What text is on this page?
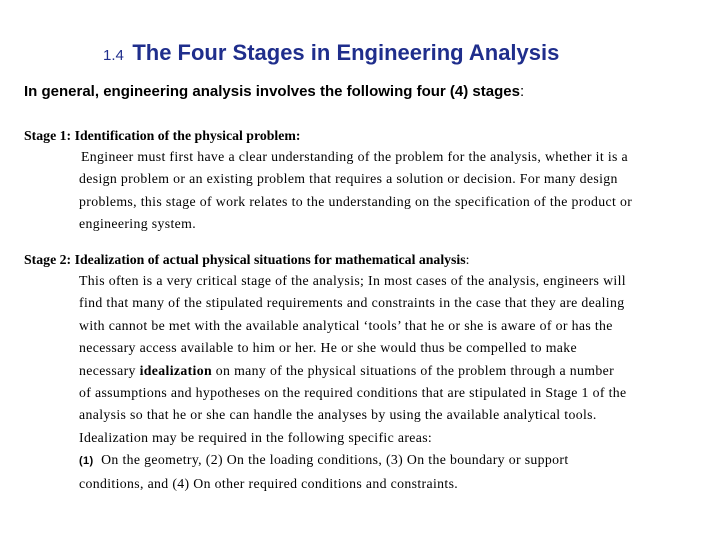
1.4 The Four Stages in Engineering Analysis
In general, engineering analysis involves the following four (4) stages:
Stage 1: Identification of the physical problem:
Engineer must first have a clear understanding of the problem for the analysis, whether it is a
design problem or an existing problem that requires a solution or decision. For many design
problems, this stage of work relates to the understanding on the specification of the product or
engineering system.
Stage 2: Idealization of actual physical situations for mathematical analysis:
This often is a very critical stage of the analysis; In most cases of the analysis, engineers will
find that many of the stipulated requirements and constraints in the case that they are dealing
with cannot be met with the available analytical ‘tools’ that he or she is aware of or has the
necessary access available to him or her. He or she would thus be compelled to make
necessary idealization on many of the physical situations of the problem through a number
of assumptions and hypotheses on the required conditions that are stipulated in Stage 1 of the
analysis so that he or she can handle the analyses by using the available analytical tools.
Idealization may be required in the following specific areas:
(1)  On the geometry, (2) On the loading conditions, (3) On the boundary or support
conditions, and (4) On other required conditions and constraints.
